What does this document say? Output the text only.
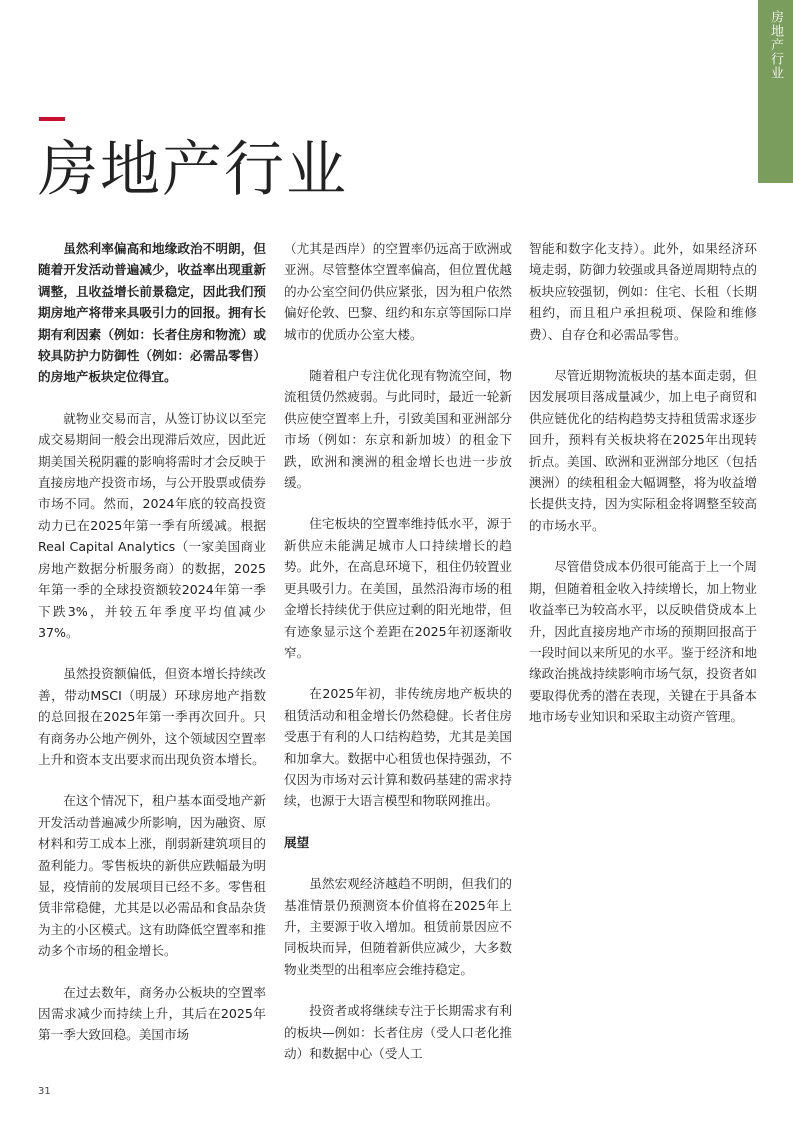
房地产行业
房地产行业

虽然利率偏高和地缘政治不明朗，但随着开发活动普遍减少，收益率出现重新调整，且收益增长前景稳定，因此我们预期房地产将带来具吸引力的回报。拥有长期有利因素（例如：长者住房和物流）或较具防护力防御性（例如：必需品零售）的房地产板块定位得宜。

就物业交易而言，从签订协议以至完成交易期间一般会出现滞后效应，因此近期美国关税阴霾的影响将需时才会反映于直接房地产投资市场，与公开股票或债券市场不同。然而，2024年底的较高投资动力已在2025年第一季有所缓减。根据Real Capital Analytics（一家美国商业房地产数据分析服务商）的数据，2025年第一季的全球投资额较2024年第一季下跌3%，并较五年季度平均值减少37%。

虽然投资额偏低，但资本增长持续改善，带动MSCI（明晟）环球房地产指数的总回报在2025年第一季再次回升。只有商务办公地产例外，这个领域因空置率上升和资本支出要求而出现负资本增长。

在这个情况下，租户基本面受地产新开发活动普遍减少所影响，因为融资、原材料和劳工成本上涨，削弱新建筑项目的盈利能力。零售板块的新供应跌幅最为明显，疫情前的发展项目已经不多。零售租赁非常稳健，尤其是以必需品和食品杂货为主的小区模式。这有助降低空置率和推动多个市场的租金增长。

在过去数年，商务办公板块的空置率因需求减少而持续上升，其后在2025年第一季大致回稳。美国市场

（尤其是西岸）的空置率仍远高于欧洲或亚洲。尽管整体空置率偏高，但位置优越的办公室空间仍供应紧张，因为租户依然偏好伦敦、巴黎、纽约和东京等国际口岸城市的优质办公室大楼。

随着租户专注优化现有物流空间，物流租赁仍然疲弱。与此同时，最近一轮新供应使空置率上升，引致美国和亚洲部分市场（例如：东京和新加坡）的租金下跌，欧洲和澳洲的租金增长也进一步放缓。

住宅板块的空置率维持低水平，源于新供应未能满足城市人口持续增长的趋势。此外，在高息环境下，租住仍较置业更具吸引力。在美国，虽然沿海市场的租金增长持续优于供应过剩的阳光地带，但有迹象显示这个差距在2025年初逐渐收窄。

在2025年初，非传统房地产板块的租赁活动和租金增长仍然稳健。长者住房受惠于有利的人口结构趋势，尤其是美国和加拿大。数据中心租赁也保持强劲，不仅因为市场对云计算和数码基建的需求持续，也源于大语言模型和物联网推出。

展望

虽然宏观经济越趋不明朗，但我们的基准情景仍预测资本价值将在2025年上升，主要源于收入增加。租赁前景因应不同板块而异，但随着新供应减少，大多数物业类型的出租率应会维持稳定。

投资者或将继续专注于长期需求有利的板块—例如：长者住房（受人口老化推动）和数据中心（受人工

智能和数字化支持）。此外，如果经济环境走弱，防御力较强或具备逆周期特点的板块应较强韧，例如：住宅、长租（长期租约，而且租户承担税项、保险和维修费）、自存仓和必需品零售。

尽管近期物流板块的基本面走弱，但因发展项目落成量减少，加上电子商贸和供应链优化的结构趋势支持租赁需求逐步回升，预料有关板块将在2025年出现转折点。美国、欧洲和亚洲部分地区（包括澳洲）的续租租金大幅调整，将为收益增长提供支持，因为实际租金将调整至较高的市场水平。

尽管借贷成本仍很可能高于上一个周期，但随着租金收入持续增长，加上物业收益率已为较高水平，以反映借贷成本上升，因此直接房地产市场的预期回报高于一段时间以来所见的水平。鉴于经济和地缘政治挑战持续影响市场气氛，投资者如要取得优秀的潜在表现，关键在于具备本地市场专业知识和采取主动资产管理。

31
